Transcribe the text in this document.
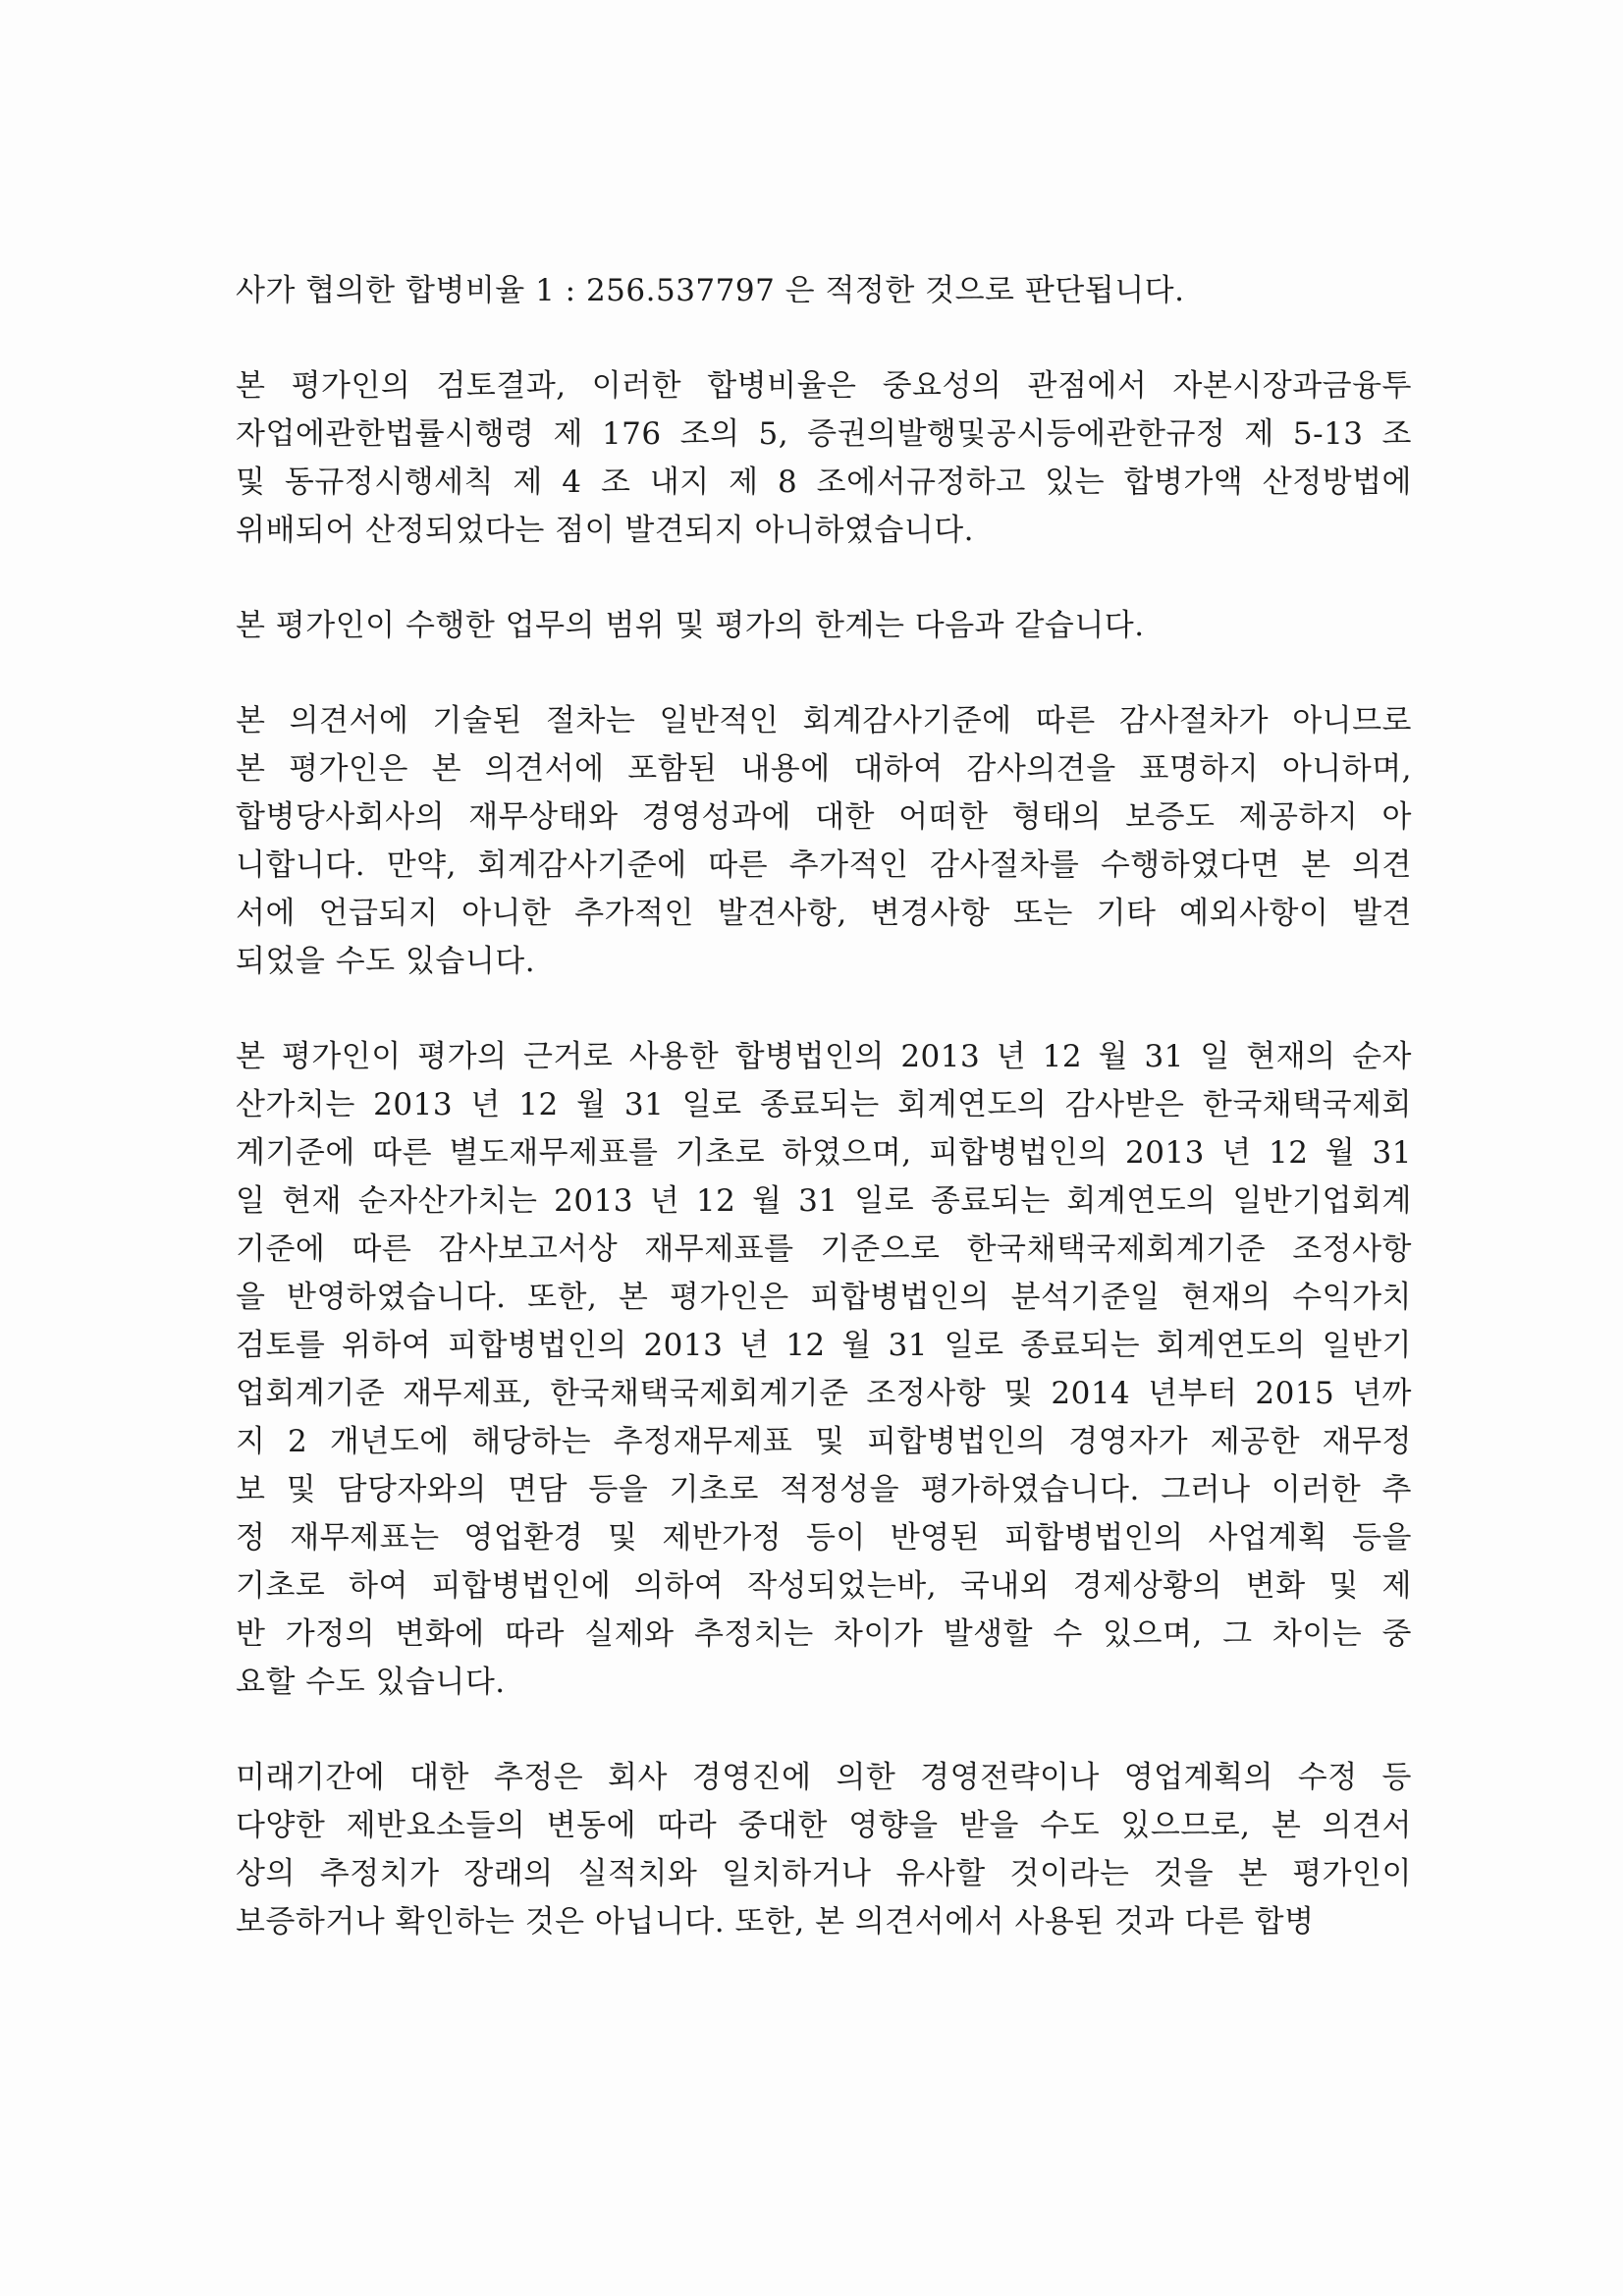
사가 협의한 합병비율 1 : 256.537797 은 적정한 것으로 판단됩니다.
본 평가인의 검토결과, 이러한 합병비율은 중요성의 관점에서 자본시장과금융투
자업에관한법률시행령 제 176 조의 5, 증권의발행및공시등에관한규정 제 5-13 조
및 동규정시행세칙 제 4 조 내지 제 8 조에서규정하고 있는 합병가액 산정방법에
위배되어 산정되었다는 점이 발견되지 아니하였습니다.
본 평가인이 수행한 업무의 범위 및 평가의 한계는 다음과 같습니다.
본 의견서에 기술된 절차는 일반적인 회계감사기준에 따른 감사절차가 아니므로
본 평가인은 본 의견서에 포함된 내용에 대하여 감사의견을 표명하지 아니하며,
합병당사회사의 재무상태와 경영성과에 대한 어떠한 형태의 보증도 제공하지 아
니합니다. 만약, 회계감사기준에 따른 추가적인 감사절차를 수행하였다면 본 의견
서에 언급되지 아니한 추가적인 발견사항, 변경사항 또는 기타 예외사항이 발견
되었을 수도 있습니다.
본 평가인이 평가의 근거로 사용한 합병법인의 2013 년 12 월 31 일 현재의 순자
산가치는 2013 년 12 월 31 일로 종료되는 회계연도의 감사받은 한국채택국제회
계기준에 따른 별도재무제표를 기초로 하였으며, 피합병법인의 2013 년 12 월 31
일 현재 순자산가치는 2013 년 12 월 31 일로 종료되는 회계연도의 일반기업회계
기준에 따른 감사보고서상 재무제표를 기준으로 한국채택국제회계기준 조정사항
을 반영하였습니다. 또한, 본 평가인은 피합병법인의 분석기준일 현재의 수익가치
검토를 위하여 피합병법인의 2013 년 12 월 31 일로 종료되는 회계연도의 일반기
업회계기준 재무제표, 한국채택국제회계기준 조정사항 및 2014 년부터 2015 년까
지 2 개년도에 해당하는 추정재무제표 및 피합병법인의 경영자가 제공한 재무정
보 및 담당자와의 면담 등을 기초로 적정성을 평가하였습니다. 그러나 이러한 추
정 재무제표는 영업환경 및 제반가정 등이 반영된 피합병법인의 사업계획 등을
기초로 하여 피합병법인에 의하여 작성되었는바, 국내외 경제상황의 변화 및 제
반 가정의 변화에 따라 실제와 추정치는 차이가 발생할 수 있으며, 그 차이는 중
요할 수도 있습니다.
미래기간에 대한 추정은 회사 경영진에 의한 경영전략이나 영업계획의 수정 등
다양한 제반요소들의 변동에 따라 중대한 영향을 받을 수도 있으므로, 본 의견서
상의 추정치가 장래의 실적치와 일치하거나 유사할 것이라는 것을 본 평가인이
보증하거나 확인하는 것은 아닙니다. 또한, 본 의견서에서 사용된 것과 다른 합병
